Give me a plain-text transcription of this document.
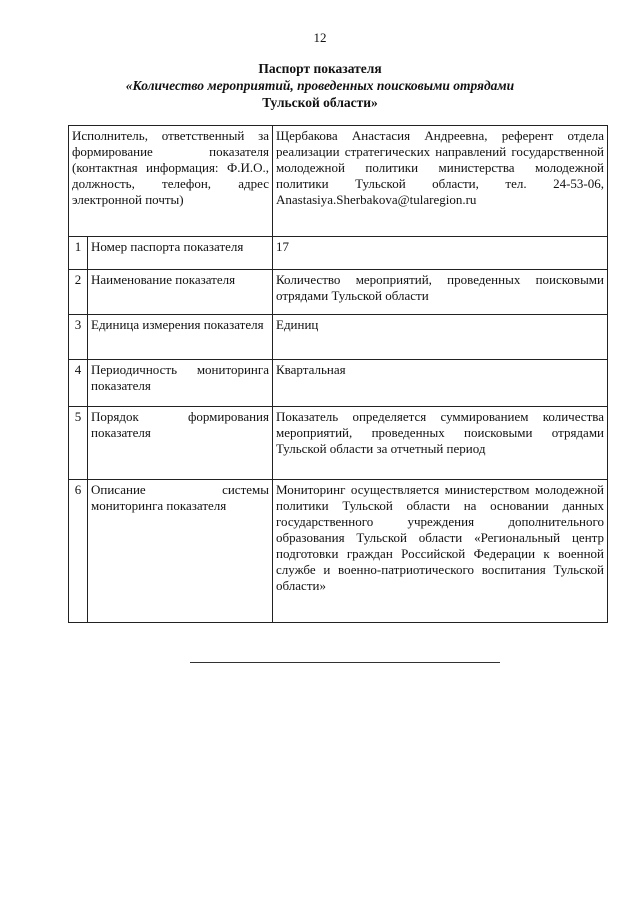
12
Паспорт показателя
«Количество мероприятий, проведенных поисковыми отрядами
Тульской области»
Исполнитель, ответственный за формирование показателя (контактная информация: Ф.И.О., должность, телефон, адрес электронной почты)		Щербакова Анастасия Андреевна, референт отдела реализации стратегических направлений государственной молодежной политики министерства молодежной политики Тульской области, тел. 24-53-06, Anastasiya.Sherbakova@tularegion.ru
1	Номер паспорта показателя	17
2	Наименование показателя	Количество мероприятий, проведенных поисковыми отрядами Тульской области
3	Единица измерения показателя	Единиц
4	Периодичность мониторинга показателя	Квартальная
5	Порядок формирования показателя	Показатель определяется суммированием количества мероприятий, проведенных поисковыми отрядами Тульской области за отчетный период
6	Описание системы мониторинга показателя	Мониторинг осуществляется министерством молодежной политики Тульской области на основании данных государственного учреждения дополнительного образования Тульской области «Региональный центр подготовки граждан Российской Федерации к военной службе и военно-патриотического воспитания Тульской области»
